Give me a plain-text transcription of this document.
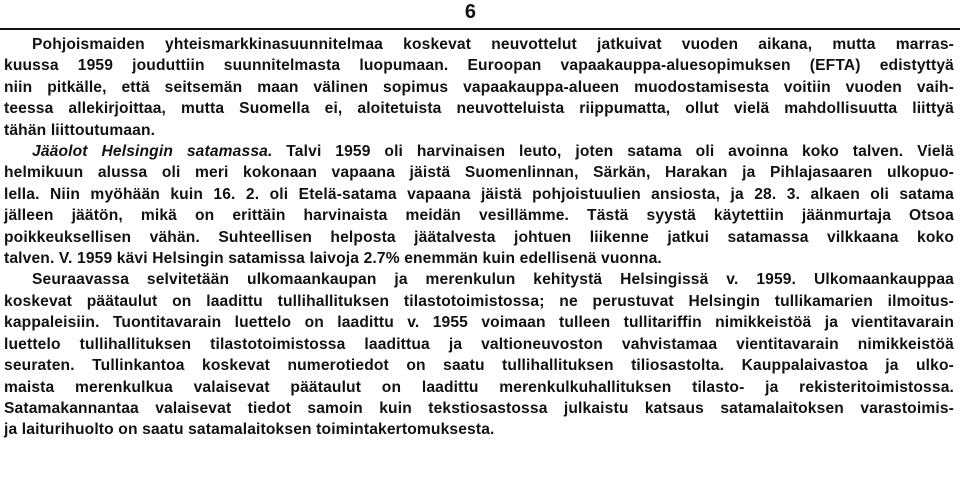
6
Pohjoismaiden yhteismarkkinasuunnitelmaa koskevat neuvottelut jatkuivat vuoden aikana, mutta marras-
kuussa 1959 jouduttiin suunnitelmasta luopumaan. Euroopan vapaakauppa-aluesopimuksen (EFTA) edistyttyä
niin pitkälle, että seitsemän maan välinen sopimus vapaakauppa-alueen muodostamisesta voitiin vuoden vaih-
teessa allekirjoittaa, mutta Suomella ei, aloitetuista neuvotteluista riippumatta, ollut vielä mahdollisuutta liittyä
tähän liittoutumaan.
Jääolot Helsingin satamassa. Talvi 1959 oli harvinaisen leuto, joten satama oli avoinna koko talven. Vielä
helmikuun alussa oli meri kokonaan vapaana jäistä Suomenlinnan, Särkän, Harakan ja Pihlajasaaren ulkopuo-
lella. Niin myöhään kuin 16. 2. oli Etelä-satama vapaana jäistä pohjoistuulien ansiosta, ja 28. 3. alkaen oli satama
jälleen jäätön, mikä on erittäin harvinaista meidän vesillämme. Tästä syystä käytettiin jäänmurtaja Otsoa
poikkeuksellisen vähän. Suhteellisen helposta jäätalvesta johtuen liikenne jatkui satamassa vilkkaana koko
talven. V. 1959 kävi Helsingin satamissa laivoja 2.7% enemmän kuin edellisenä vuonna.
Seuraavassa selvitetään ulkomaankaupan ja merenkulun kehitystä Helsingissä v. 1959. Ulkomaankauppaa
koskevat päätaulut on laadittu tullihallituksen tilastotoimistossa; ne perustuvat Helsingin tullikamarien ilmoitus-
kappaleisiin. Tuontitavarain luettelo on laadittu v. 1955 voimaan tulleen tullitariffin nimikkeistöä ja vientitavarain
luettelo tullihallituksen tilastotoimistossa laadittua ja valtioneuvoston vahvistamaa vientitavarain nimikkeistöä
seuraten. Tullinkantoa koskevat numerotiedot on saatu tullihallituksen tiliosastolta. Kauppalaivastoa ja ulko-
maista merenkulkua valaisevat päätaulut on laadittu merenkulkuhallituksen tilasto- ja rekisteritoimistossa.
Satamakannantaa valaisevat tiedot samoin kuin tekstiosastossa julkaistu katsaus satamalaitoksen varastoimis-
ja laiturihuolto on saatu satamalaitoksen toimintakertomuksesta.
